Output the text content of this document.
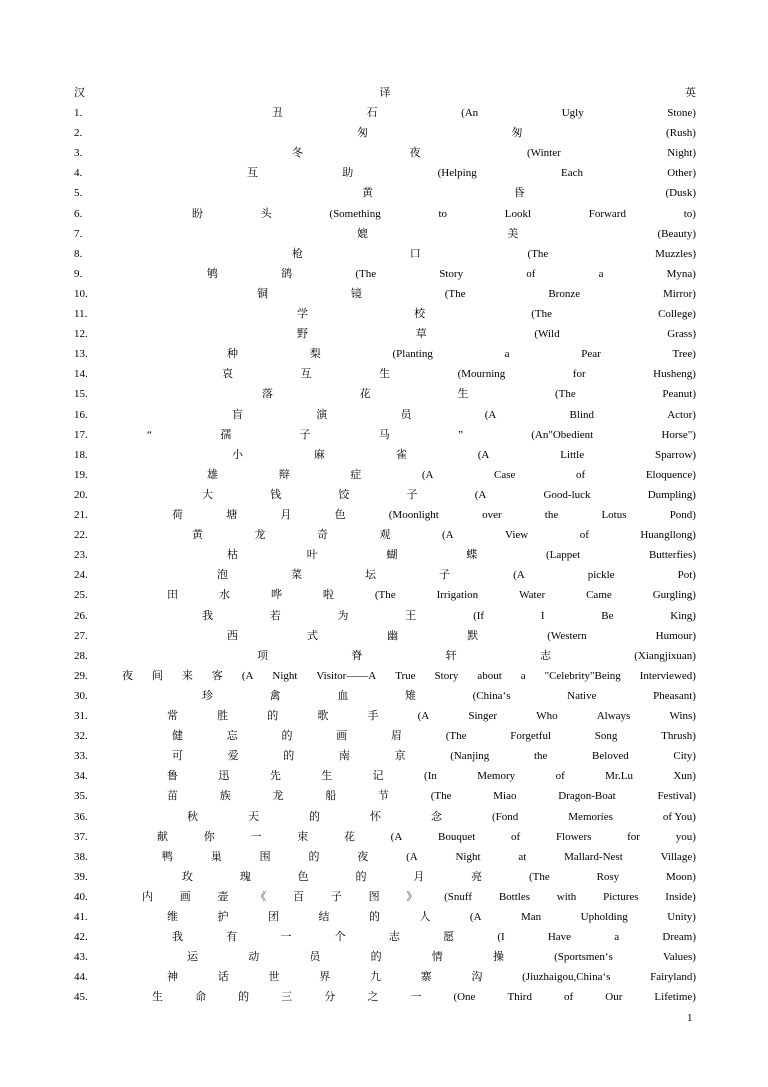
汉	译	英
1.	丑	石	(An	Ugly	Stone)
2.	匆	匆	(Rush)
3.	冬	夜	(Winter	Night)
4.	互	助	(Helping	Each	Other)
5.	黄	昏	(Dusk)
6.	盼	头	(Something	to	Lookl	Forward	to)
7.	媲	美	(Beauty)
8.	枪	口	(The	Muzzles)
9.	鸲	鹆	(The	Story	of	a	Myna)
10.	铜	镜	(The	Bronze	Mirror)
11.	学	校	(The	College)
12.	野	草	(Wild	Grass)
13.	种	梨	(Planting	a	Pear	Tree)
14.	哀	互	生	(Mourning	for	Husheng)
15.	落	花	生	(The	Peanut)
16.	盲	演	员	(A	Blind	Actor)
17.	“	孺	子	马	”	(An"Obedient	Horse")
18.	小	麻	雀	(A	Little	Sparrow)
19.	雄	辩	症	(A	Case	of	Eloquence)
20.	大	钱	饺	子	(A	Good-luck	Dumpling)
21.	荷	塘	月	色	(Moonlight	over	the	Lotus	Pond)
22.	黄	龙	奇	观	(A	View	of	Huangllong)
23.	枯	叶	蝴	蝶	(Lappet	Butterfies)
24.	泡	菜	坛	子	(A	pickle	Pot)
25.	田	水	哗	啦	(The	Irrigation	Water	Came	Gurgling)
26.	我	若	为	王	(If	I	Be	King)
27.	西	式	幽	默	(Western	Humour)
28.	项	脊	轩	志	(Xiangjixuan)
29.	夜 间 来 客 (A Night Visitor——A True Story about a "Celebrity"Being Interviewed)
30.	珍	禽	血	雉	(China‘s	Native	Pheasant)
31.	常	胜	的	歌	手	(A	Singer	Who	Always	Wins)
32.	健	忘	的	画	眉	(The	Forgetful	Song	Thrush)
33.	可	爱	的	南	京	(Nanjing	the	Beloved	City)
34.	鲁	迅	先	生	记	(In	Memory	of	Mr.Lu	Xun)
35.	苗	族	龙	船	节	(The	Miao	Dragon-Boat	Festival)
36.	秋	天	的	怀	念	(Fond	Memories	of You)
37.	献	你	一	束	花	(A	Bouquet	of	Flowers	for	you)
38.	鸭	巢	围	的	夜	(A	Night	at	Mallard-Nest	Village)
39.	玫	瑰	色	的	月	亮	(The	Rosy	Moon)
40.	内 画 壶 《 百 子 图 》 (Snuff Bottles with Pictures Inside)
41.	维	护	团	结	的	人	(A	Man	Upholding	Unity)
42.	我	有	一	个	志	愿	(I	Have	a	Dream)
43.	运	动	员	的	情	操	(Sportsmen‘s	Values)
44.	神	话	世	界	九	寨	沟	(Jiuzhaigou,China‘s	Fairyland)
45.	生	命	的	三	分	之	一	(One	Third	of	Our	Lifetime)
1
